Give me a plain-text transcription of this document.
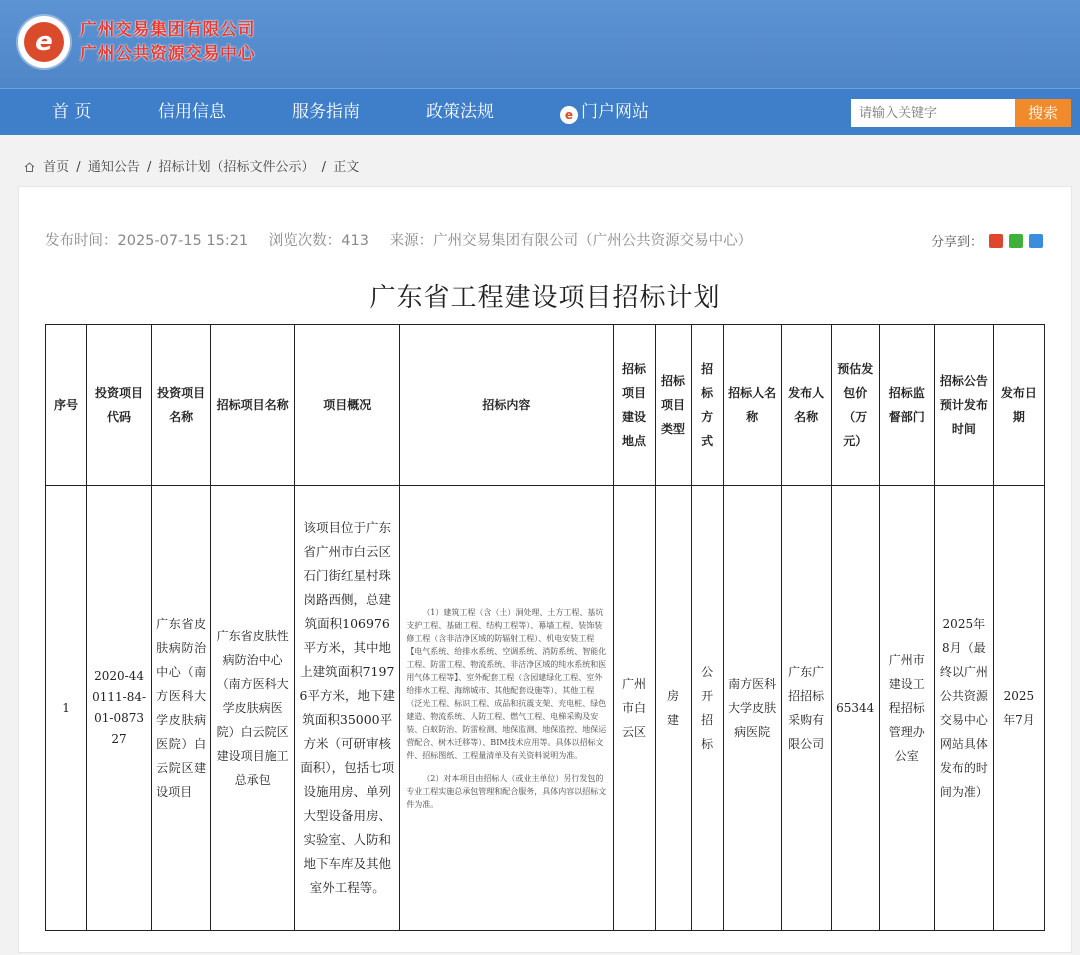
e	广州交易集团有限公司
广州公共资源交易中心
首 页	信用信息	服务指南	政策法规	e 门户网站
请输入关键字	搜索
首页 / 通知公告 / 招标计划（招标文件公示） / 正文
发布时间：2025-07-15 15:21 浏览次数：413 来源：广州交易集团有限公司（广州公共资源交易中心）	分享到：
广东省工程建设项目招标计划
序号	投资项目代码	投资项目名称	招标项目名称	项目概况	招标内容	招标项目建设地点	招标项目类型	招标方式	招标人名称	发布人名称	预估发包价（万元）	招标监督部门	招标公告预计发布时间	发布日期
1	2020-440111-84-01-087327	广东省皮肤病防治中心（南方医科大学皮肤病医院）白云院区建设项目	广东省皮肤性病防治中心（南方医科大学皮肤病医院）白云院区建设项目施工总承包	该项目位于广东省广州市白云区石门街红星村珠岗路西侧，总建筑面积106976平方米，其中地上建筑面积71976平方米，地下建筑面积35000平方米（可研审核面积），包括七项设施用房、单列大型设备用房、实验室、人防和地下车库及其他室外工程等。	（1）建筑工程（含（土）洞处理、土方工程、基坑支护工程、基础工程、结构工程等）、幕墙工程、装饰装修工程（含非洁净区域的防辐射工程）、机电安装工程【电气系统、给排水系统、空调系统、消防系统、智能化工程、防雷工程、物流系统、非洁净区域的纯水系统和医用气体工程等】、室外配套工程（含园建绿化工程、室外给排水工程、海绵城市、其他配套设施等）、其他工程（泛光工程、标识工程、成品和抗震支架、充电桩、绿色建造、物流系统、人防工程、燃气工程、电梯采购及安装、白蚁防治、防雷检测、地保监测、地保监控、地保运营配合、树木迁移等）、BIM技术应用等。具体以招标文件、招标图纸、工程量清单及有关资料说明为准。

（2）对本项目由招标人（或业主单位）另行发包的专业工程实施总承包管理和配合服务，具体内容以招标文件为准。	广州市白云区	房建	公开招标	南方医科大学皮肤病医院	广东广招招标采购有限公司	65344	广州市建设工程招标管理办公室	2025年8月（最终以广州公共资源交易中心网站具体发布的时间为准）	2025年7月
